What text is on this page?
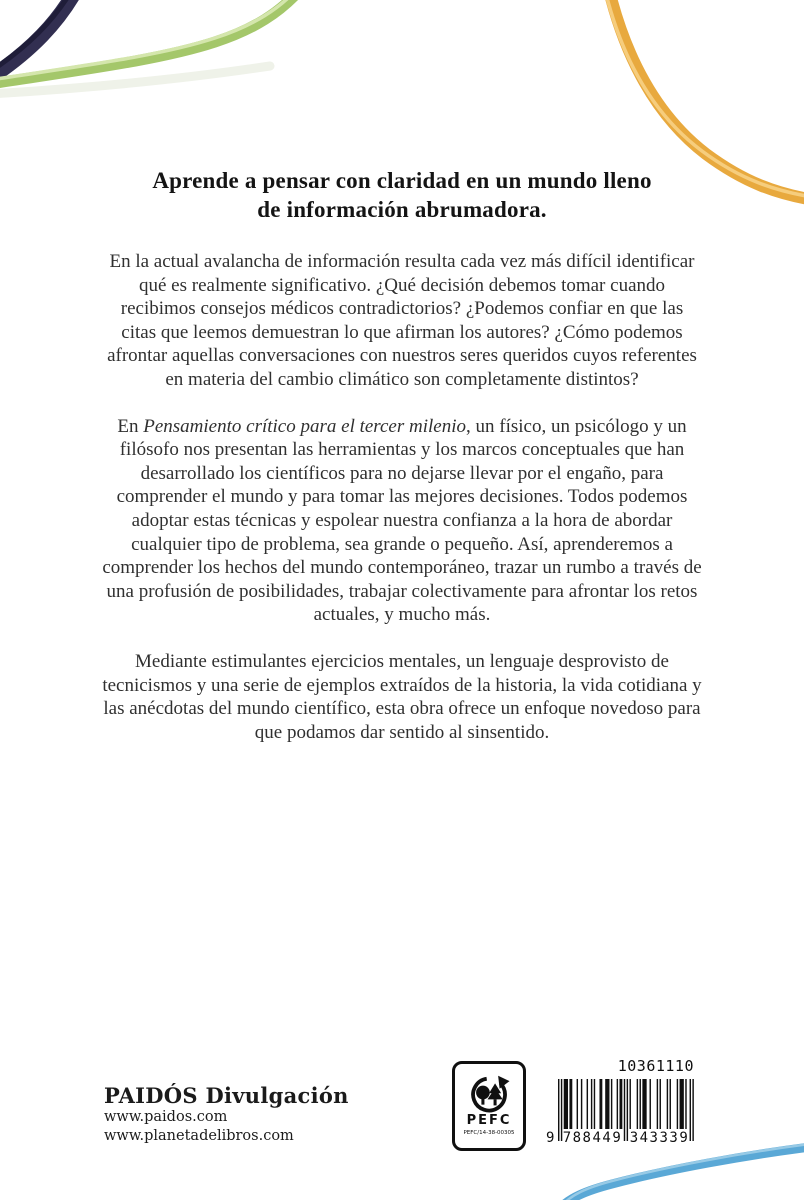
Aprende a pensar con claridad en un mundo lleno
de información abrumadora.

En la actual avalancha de información resulta cada vez más difícil identificar qué es realmente significativo. ¿Qué decisión debemos tomar cuando recibimos consejos médicos contradictorios? ¿Podemos confiar en que las citas que leemos demuestran lo que afirman los autores? ¿Cómo podemos afrontar aquellas conversaciones con nuestros seres queridos cuyos referentes en materia del cambio climático son completamente distintos?

En Pensamiento crítico para el tercer milenio, un físico, un psicólogo y un filósofo nos presentan las herramientas y los marcos conceptuales que han desarrollado los científicos para no dejarse llevar por el engaño, para comprender el mundo y para tomar las mejores decisiones. Todos podemos adoptar estas técnicas y espolear nuestra confianza a la hora de abordar cualquier tipo de problema, sea grande o pequeño. Así, aprenderemos a comprender los hechos del mundo contemporáneo, trazar un rumbo a través de una profusión de posibilidades, trabajar colectivamente para afrontar los retos actuales, y mucho más.

Mediante estimulantes ejercicios mentales, un lenguaje desprovisto de tecnicismos y una serie de ejemplos extraídos de la historia, la vida cotidiana y las anécdotas del mundo científico, esta obra ofrece un enfoque novedoso para que podamos dar sentido al sinsentido.

PAIDÓS Divulgación
www.paidos.com
www.planetadelibros.com
PEFC
PEFC/14-38-00305
10361110
9 788449 343339
